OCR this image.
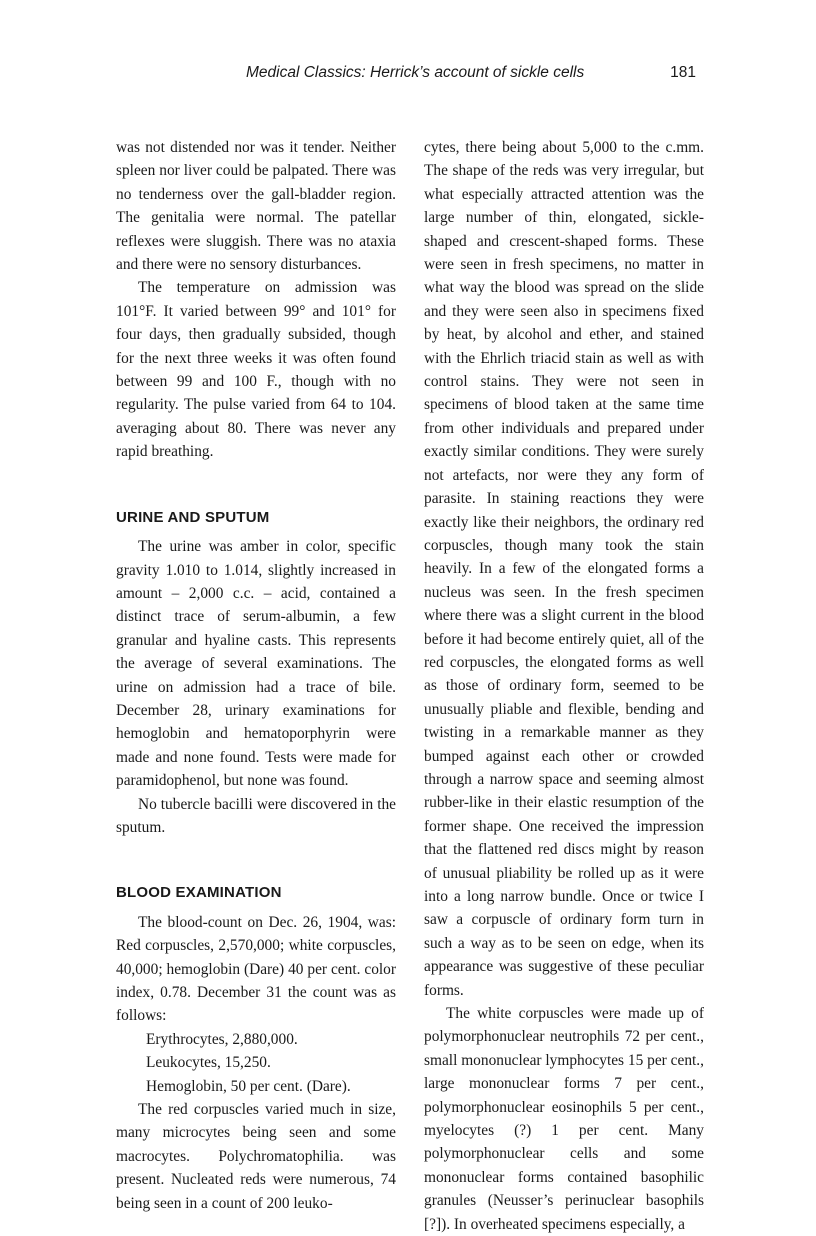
Medical Classics: Herrick’s account of sickle cells	181

was not distended nor was it tender. Neither spleen nor liver could be palpated. There was no tenderness over the gall-bladder region. The genitalia were normal. The patellar reflexes were sluggish. There was no ataxia and there were no sensory disturbances.

The temperature on admission was 101°F. It varied between 99° and 101° for four days, then gradually subsided, though for the next three weeks it was often found between 99 and 100 F., though with no regularity. The pulse varied from 64 to 104. averaging about 80. There was never any rapid breathing.

URINE AND SPUTUM

The urine was amber in color, specific gravity 1.010 to 1.014, slightly increased in amount – 2,000 c.c. – acid, contained a distinct trace of serum-albumin, a few granular and hyaline casts. This represents the average of several examinations. The urine on admission had a trace of bile. December 28, urinary examinations for hemoglobin and hematoporphyrin were made and none found. Tests were made for paramidophenol, but none was found.

No tubercle bacilli were discovered in the sputum.

BLOOD EXAMINATION

The blood-count on Dec. 26, 1904, was: Red corpuscles, 2,570,000; white corpuscles, 40,000; hemoglobin (Dare) 40 per cent. color index, 0.78. December 31 the count was as follows:

Erythrocytes, 2,880,000.

Leukocytes, 15,250.

Hemoglobin, 50 per cent. (Dare).

The red corpuscles varied much in size, many microcytes being seen and some macrocytes. Polychromatophilia. was present. Nucleated reds were numerous, 74 being seen in a count of 200 leuko-

cytes, there being about 5,000 to the c.mm. The shape of the reds was very irregular, but what especially attracted attention was the large number of thin, elongated, sickle-shaped and crescent-shaped forms. These were seen in fresh specimens, no matter in what way the blood was spread on the slide and they were seen also in specimens fixed by heat, by alcohol and ether, and stained with the Ehrlich triacid stain as well as with control stains. They were not seen in specimens of blood taken at the same time from other individuals and prepared under exactly similar conditions. They were surely not artefacts, nor were they any form of parasite. In staining reactions they were exactly like their neighbors, the ordinary red corpuscles, though many took the stain heavily. In a few of the elongated forms a nucleus was seen. In the fresh specimen where there was a slight current in the blood before it had become entirely quiet, all of the red corpuscles, the elongated forms as well as those of ordinary form, seemed to be unusually pliable and flexible, bending and twisting in a remarkable manner as they bumped against each other or crowded through a narrow space and seeming almost rubber-like in their elastic resumption of the former shape. One received the impression that the flattened red discs might by reason of unusual pliability be rolled up as it were into a long narrow bundle. Once or twice I saw a corpuscle of ordinary form turn in such a way as to be seen on edge, when its appearance was suggestive of these peculiar forms.

The white corpuscles were made up of polymorphonuclear neutrophils 72 per cent., small mononuclear lymphocytes 15 per cent., large mononuclear forms 7 per cent., polymorphonuclear eosinophils 5 per cent., myelocytes (?) 1 per cent. Many polymorphonuclear cells and some mononuclear forms contained basophilic granules (Neusser’s perinuclear basophils [?]). In overheated specimens especially, a
